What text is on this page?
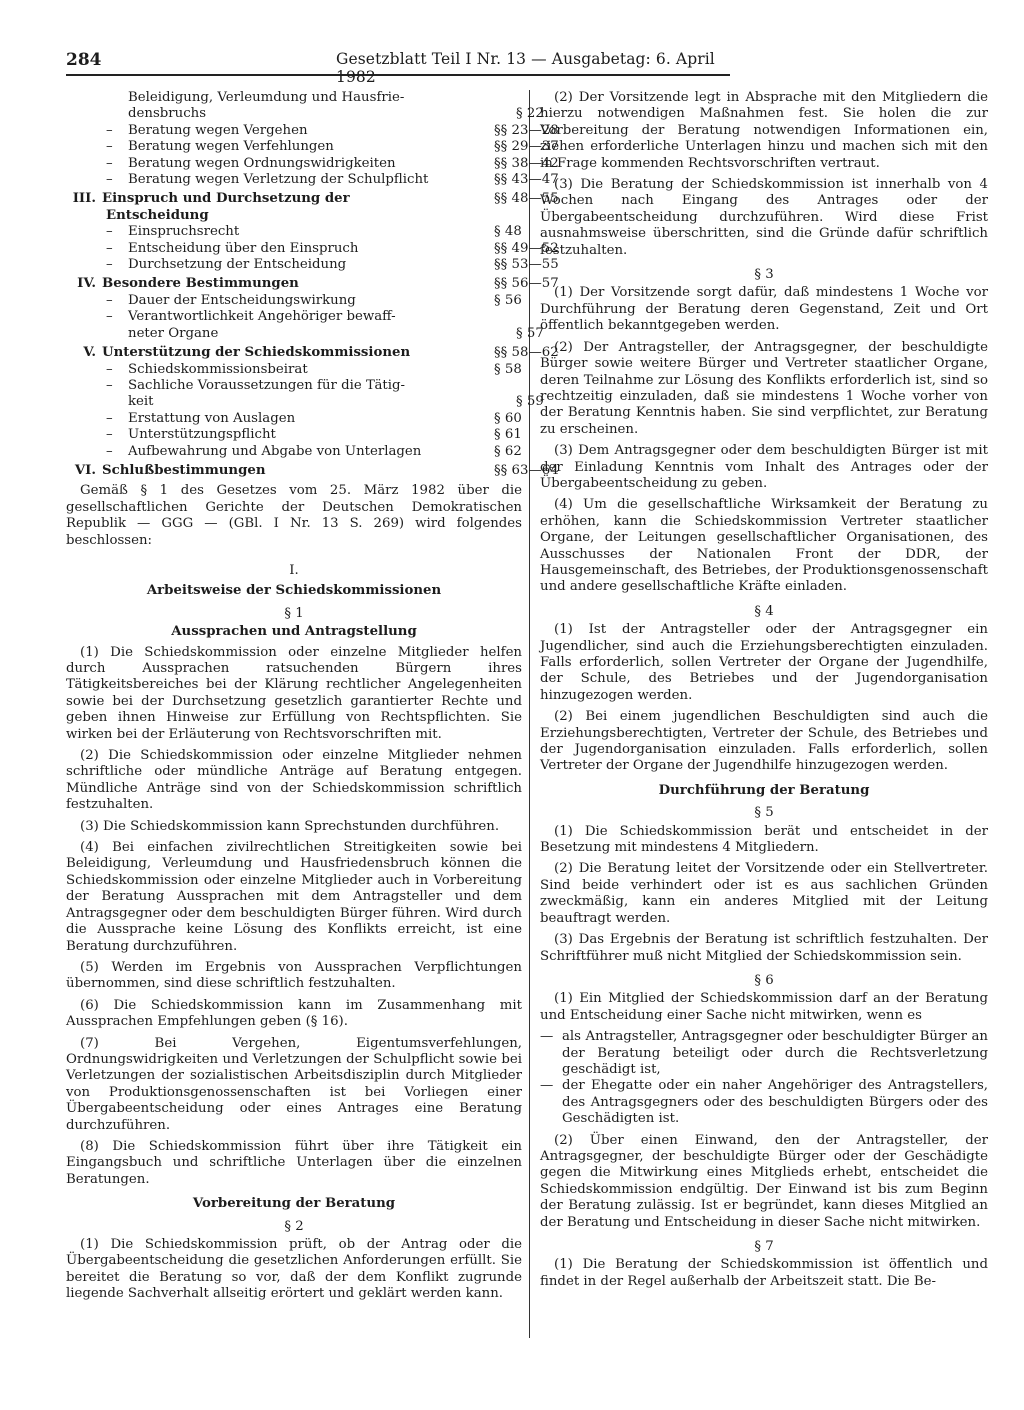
284	Gesetzblatt Teil I Nr. 13 — Ausgabetag: 6. April 1982
Beleidigung, Verleumdung und Hausfrie-
densbruchs	§ 22
– Beratung wegen Vergehen	§§ 23—28
– Beratung wegen Verfehlungen	§§ 29—37
– Beratung wegen Ordnungswidrigkeiten	§§ 38—42
– Beratung wegen Verletzung der Schulpflicht	§§ 43—47
III. Einspruch und Durchsetzung der Entscheidung
§§ 48—55
– Einspruchsrecht	§ 48
– Entscheidung über den Einspruch	§§ 49—52
– Durchsetzung der Entscheidung	§§ 53—55
IV. Besondere Bestimmungen	§§ 56—57
– Dauer der Entscheidungswirkung	§ 56
– Verantwortlichkeit Angehöriger bewaff-
neter Organe	§ 57
V. Unterstützung der Schiedskommissionen	§§ 58—62
– Schiedskommissionsbeirat	§ 58
– Sachliche Voraussetzungen für die Tätig-
keit	§ 59
– Erstattung von Auslagen	§ 60
– Unterstützungspflicht	§ 61
– Aufbewahrung und Abgabe von Unterlagen	§ 62
VI. Schlußbestimmungen	§§ 63—64

Gemäß § 1 des Gesetzes vom 25. März 1982 über die gesellschaftlichen Gerichte der Deutschen Demokratischen Republik — GGG — (GBl. I Nr. 13 S. 269) wird folgendes beschlossen:

I.
Arbeitsweise der Schiedskommissionen
§ 1
Aussprachen und Antragstellung

(1) Die Schiedskommission oder einzelne Mitglieder helfen durch Aussprachen ratsuchenden Bürgern ihres Tätigkeitsbereiches bei der Klärung rechtlicher Angelegenheiten sowie bei der Durchsetzung gesetzlich garantierter Rechte und geben ihnen Hinweise zur Erfüllung von Rechtspflichten. Sie wirken bei der Erläuterung von Rechtsvorschriften mit.

(2) Die Schiedskommission oder einzelne Mitglieder nehmen schriftliche oder mündliche Anträge auf Beratung entgegen. Mündliche Anträge sind von der Schiedskommission schriftlich festzuhalten.

(3) Die Schiedskommission kann Sprechstunden durchführen.

(4) Bei einfachen zivilrechtlichen Streitigkeiten sowie bei Beleidigung, Verleumdung und Hausfriedensbruch können die Schiedskommission oder einzelne Mitglieder auch in Vorbereitung der Beratung Aussprachen mit dem Antragsteller und dem Antragsgegner oder dem beschuldigten Bürger führen. Wird durch die Aussprache keine Lösung des Konflikts erreicht, ist eine Beratung durchzuführen.

(5) Werden im Ergebnis von Aussprachen Verpflichtungen übernommen, sind diese schriftlich festzuhalten.

(6) Die Schiedskommission kann im Zusammenhang mit Aussprachen Empfehlungen geben (§ 16).

(7) Bei Vergehen, Eigentumsverfehlungen, Ordnungswidrigkeiten und Verletzungen der Schulpflicht sowie bei Verletzungen der sozialistischen Arbeitsdisziplin durch Mitglieder von Produktionsgenossenschaften ist bei Vorliegen einer Übergabeentscheidung oder eines Antrages eine Beratung durchzuführen.

(8) Die Schiedskommission führt über ihre Tätigkeit ein Eingangsbuch und schriftliche Unterlagen über die einzelnen Beratungen.

Vorbereitung der Beratung
§ 2

(1) Die Schiedskommission prüft, ob der Antrag oder die Übergabeentscheidung die gesetzlichen Anforderungen erfüllt. Sie bereitet die Beratung so vor, daß der dem Konflikt zugrunde liegende Sachverhalt allseitig erörtert und geklärt werden kann.

(2) Der Vorsitzende legt in Absprache mit den Mitgliedern die hierzu notwendigen Maßnahmen fest. Sie holen die zur Vorbereitung der Beratung notwendigen Informationen ein, ziehen erforderliche Unterlagen hinzu und machen sich mit den in Frage kommenden Rechtsvorschriften vertraut.

(3) Die Beratung der Schiedskommission ist innerhalb von 4 Wochen nach Eingang des Antrages oder der Übergabeentscheidung durchzuführen. Wird diese Frist ausnahmsweise überschritten, sind die Gründe dafür schriftlich festzuhalten.

§ 3

(1) Der Vorsitzende sorgt dafür, daß mindestens 1 Woche vor Durchführung der Beratung deren Gegenstand, Zeit und Ort öffentlich bekanntgegeben werden.

(2) Der Antragsteller, der Antragsgegner, der beschuldigte Bürger sowie weitere Bürger und Vertreter staatlicher Organe, deren Teilnahme zur Lösung des Konflikts erforderlich ist, sind so rechtzeitig einzuladen, daß sie mindestens 1 Woche vorher von der Beratung Kenntnis haben. Sie sind verpflichtet, zur Beratung zu erscheinen.

(3) Dem Antragsgegner oder dem beschuldigten Bürger ist mit der Einladung Kenntnis vom Inhalt des Antrages oder der Übergabeentscheidung zu geben.

(4) Um die gesellschaftliche Wirksamkeit der Beratung zu erhöhen, kann die Schiedskommission Vertreter staatlicher Organe, der Leitungen gesellschaftlicher Organisationen, des Ausschusses der Nationalen Front der DDR, der Hausgemeinschaft, des Betriebes, der Produktionsgenossenschaft und andere gesellschaftliche Kräfte einladen.

§ 4

(1) Ist der Antragsteller oder der Antragsgegner ein Jugendlicher, sind auch die Erziehungsberechtigten einzuladen. Falls erforderlich, sollen Vertreter der Organe der Jugendhilfe, der Schule, des Betriebes und der Jugendorganisation hinzugezogen werden.

(2) Bei einem jugendlichen Beschuldigten sind auch die Erziehungsberechtigten, Vertreter der Schule, des Betriebes und der Jugendorganisation einzuladen. Falls erforderlich, sollen Vertreter der Organe der Jugendhilfe hinzugezogen werden.

Durchführung der Beratung
§ 5

(1) Die Schiedskommission berät und entscheidet in der Besetzung mit mindestens 4 Mitgliedern.

(2) Die Beratung leitet der Vorsitzende oder ein Stellvertreter. Sind beide verhindert oder ist es aus sachlichen Gründen zweckmäßig, kann ein anderes Mitglied mit der Leitung beauftragt werden.

(3) Das Ergebnis der Beratung ist schriftlich festzuhalten. Der Schriftführer muß nicht Mitglied der Schiedskommission sein.

§ 6

(1) Ein Mitglied der Schiedskommission darf an der Beratung und Entscheidung einer Sache nicht mitwirken, wenn es

— als Antragsteller, Antragsgegner oder beschuldigter Bürger an der Beratung beteiligt oder durch die Rechtsverletzung geschädigt ist,
— der Ehegatte oder ein naher Angehöriger des Antragstellers, des Antragsgegners oder des beschuldigten Bürgers oder des Geschädigten ist.

(2) Über einen Einwand, den der Antragsteller, der Antragsgegner, der beschuldigte Bürger oder der Geschädigte gegen die Mitwirkung eines Mitglieds erhebt, entscheidet die Schiedskommission endgültig. Der Einwand ist bis zum Beginn der Beratung zulässig. Ist er begründet, kann dieses Mitglied an der Beratung und Entscheidung in dieser Sache nicht mitwirken.

§ 7

(1) Die Beratung der Schiedskommission ist öffentlich und findet in der Regel außerhalb der Arbeitszeit statt. Die Be-
